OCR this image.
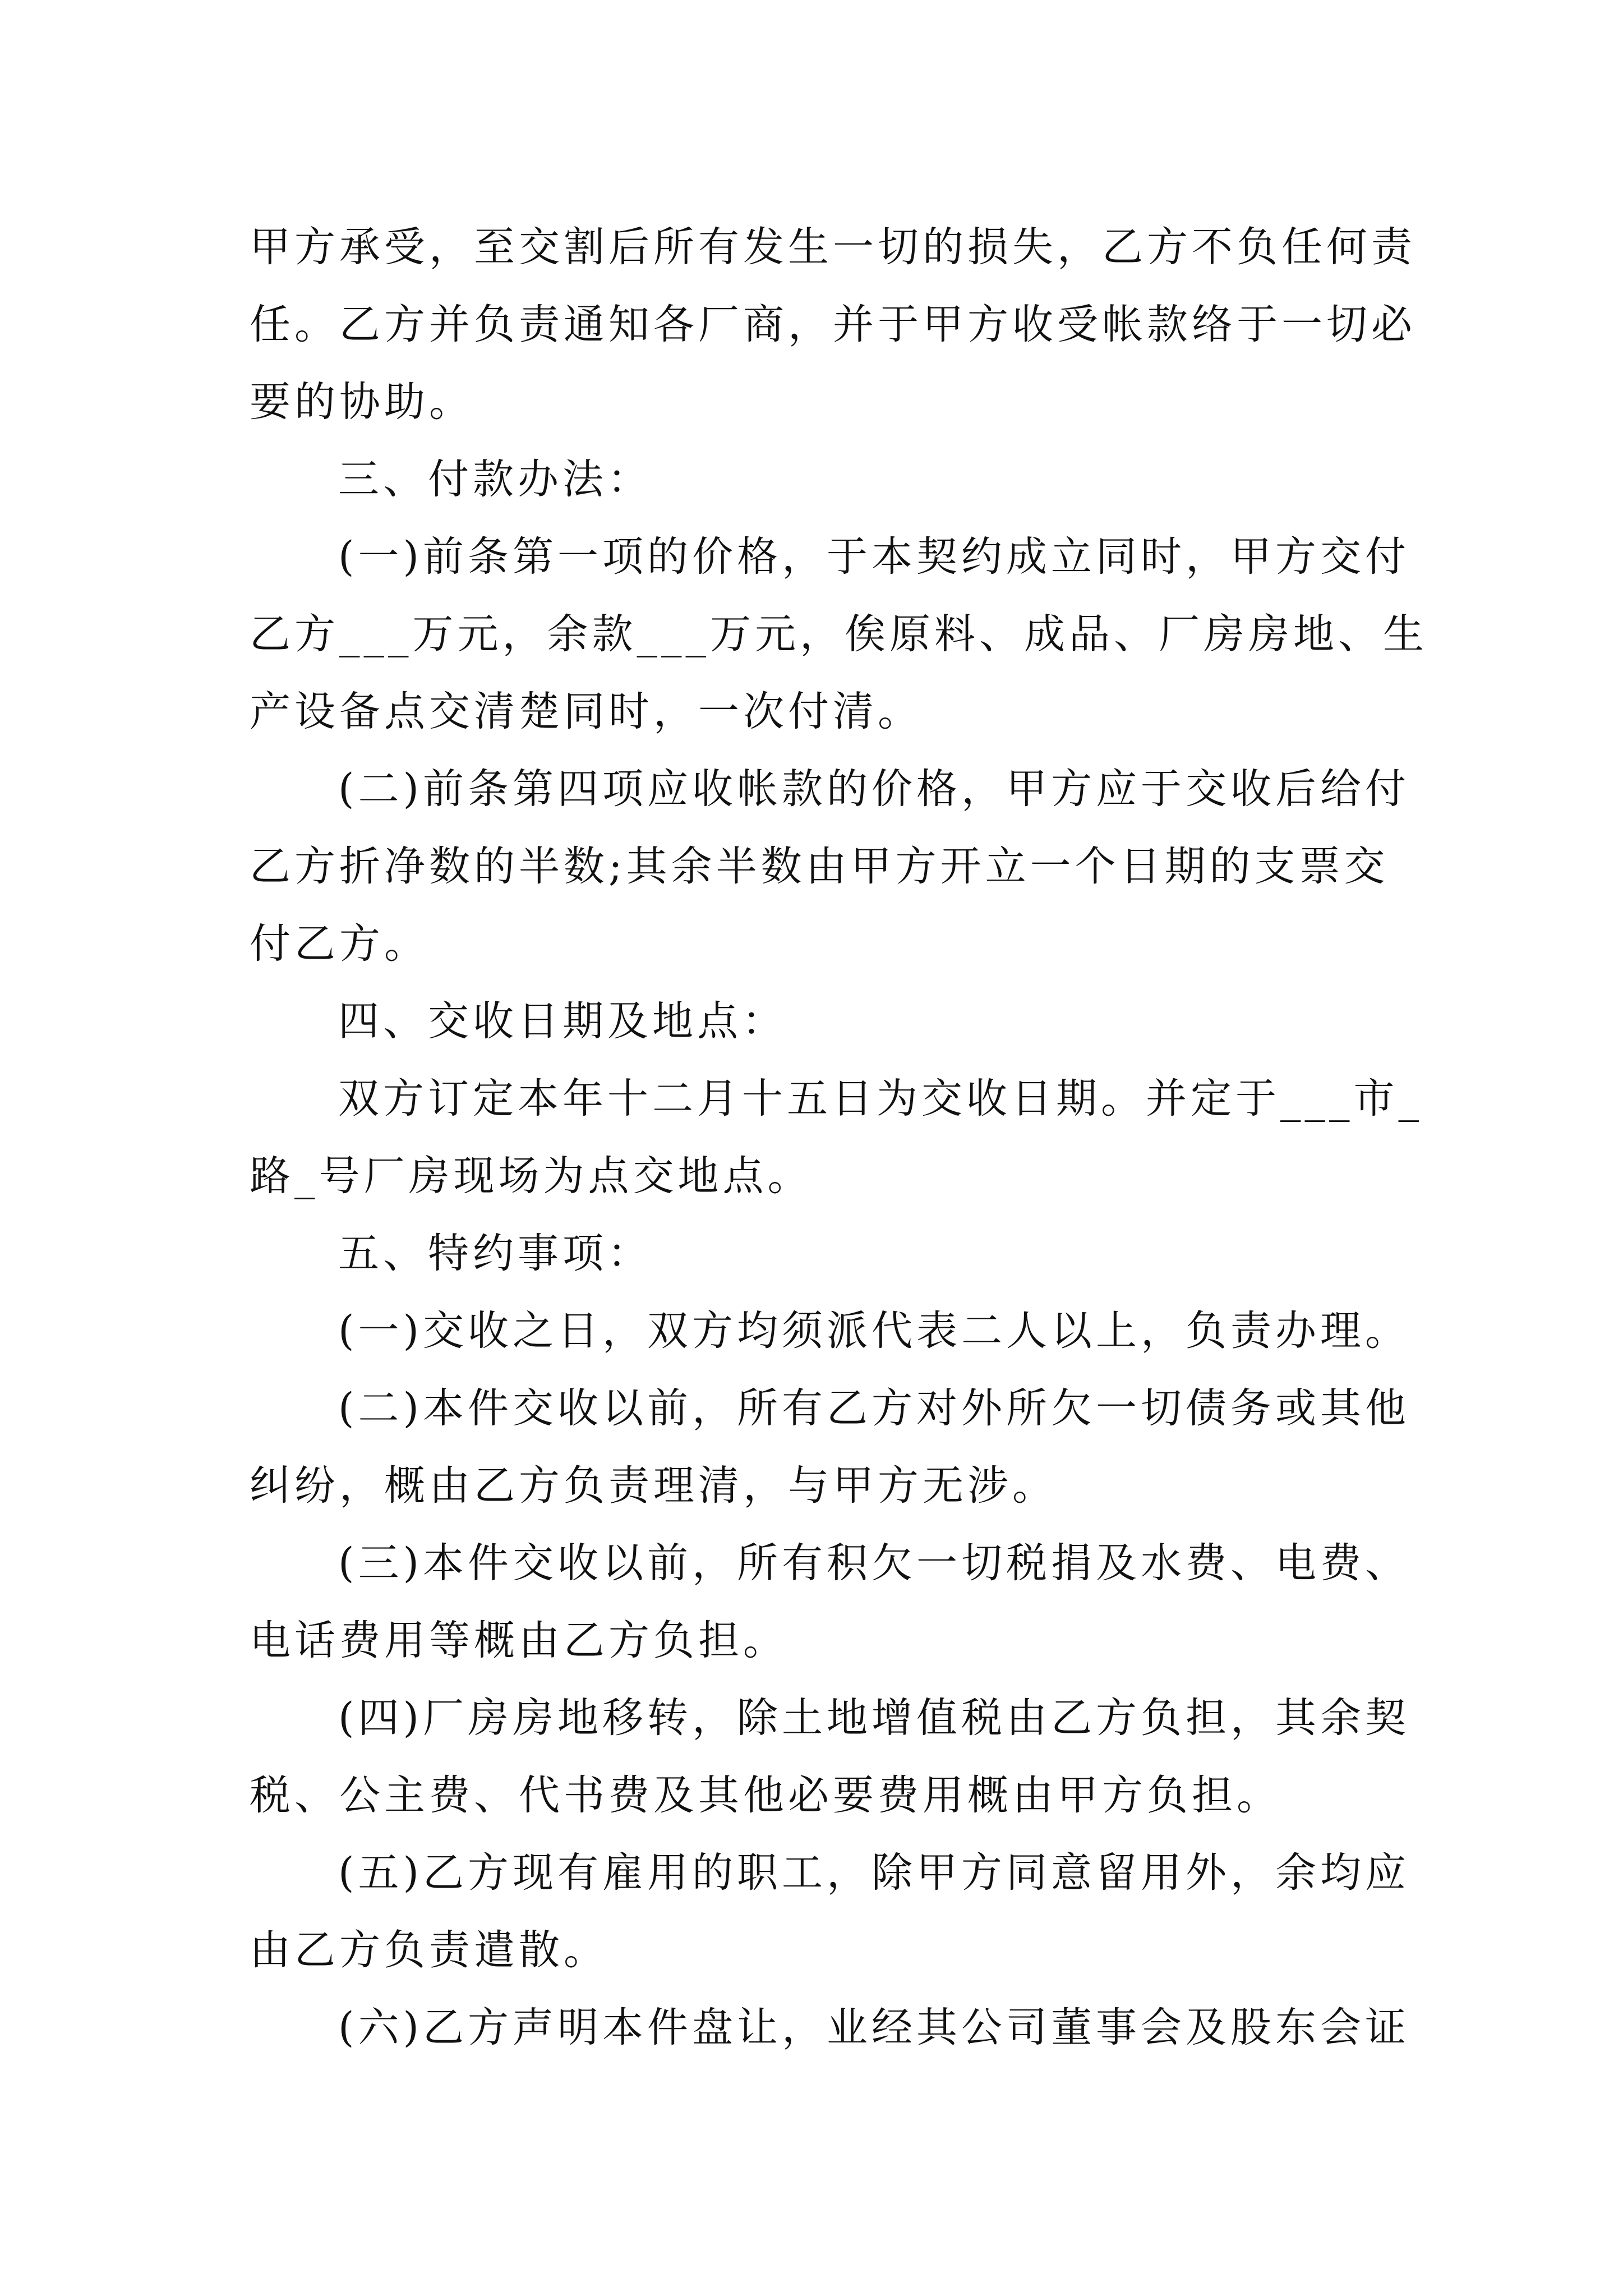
甲方承受，至交割后所有发生一切的损失，乙方不负任何责
任。乙方并负责通知各厂商，并于甲方收受帐款络于一切必
要的协助。
三、付款办法：
(一)前条第一项的价格，于本契约成立同时，甲方交付
乙方___万元，余款___万元，俟原料、成品、厂房房地、生
产设备点交清楚同时，一次付清。
(二)前条第四项应收帐款的价格，甲方应于交收后给付
乙方折净数的半数;其余半数由甲方开立一个日期的支票交
付乙方。
四、交收日期及地点：
双方订定本年十二月十五日为交收日期。并定于___市_
路_号厂房现场为点交地点。
五、特约事项：
(一)交收之日，双方均须派代表二人以上，负责办理。
(二)本件交收以前，所有乙方对外所欠一切债务或其他
纠纷，概由乙方负责理清，与甲方无涉。
(三)本件交收以前，所有积欠一切税捐及水费、电费、
电话费用等概由乙方负担。
(四)厂房房地移转，除土地增值税由乙方负担，其余契
税、公主费、代书费及其他必要费用概由甲方负担。
(五)乙方现有雇用的职工，除甲方同意留用外，余均应
由乙方负责遣散。
(六)乙方声明本件盘让，业经其公司董事会及股东会证
